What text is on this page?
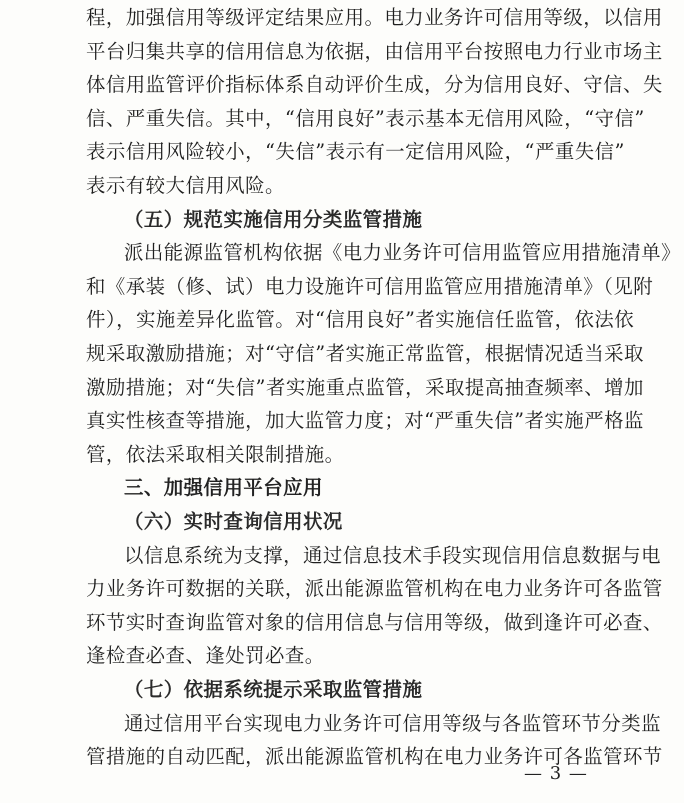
程，加强信用等级评定结果应用。电力业务许可信用等级，以信用
平台归集共享的信用信息为依据，由信用平台按照电力行业市场主
体信用监管评价指标体系自动评价生成，分为信用良好、守信、失
信、严重失信。其中，“信用良好”表示基本无信用风险，“守信”
表示信用风险较小，“失信”表示有一定信用风险，“严重失信”
表示有较大信用风险。
（五）规范实施信用分类监管措施
派出能源监管机构依据《电力业务许可信用监管应用措施清单》
和《承装（修、试）电力设施许可信用监管应用措施清单》（见附
件），实施差异化监管。对“信用良好”者实施信任监管，依法依
规采取激励措施；对“守信”者实施正常监管，根据情况适当采取
激励措施；对“失信”者实施重点监管，采取提高抽查频率、增加
真实性核查等措施，加大监管力度；对“严重失信”者实施严格监
管，依法采取相关限制措施。
三、加强信用平台应用
（六）实时查询信用状况
以信息系统为支撑，通过信息技术手段实现信用信息数据与电
力业务许可数据的关联，派出能源监管机构在电力业务许可各监管
环节实时查询监管对象的信用信息与信用等级，做到逢许可必查、
逢检查必查、逢处罚必查。
（七）依据系统提示采取监管措施
通过信用平台实现电力业务许可信用等级与各监管环节分类监
管措施的自动匹配，派出能源监管机构在电力业务许可各监管环节
— 3 —
